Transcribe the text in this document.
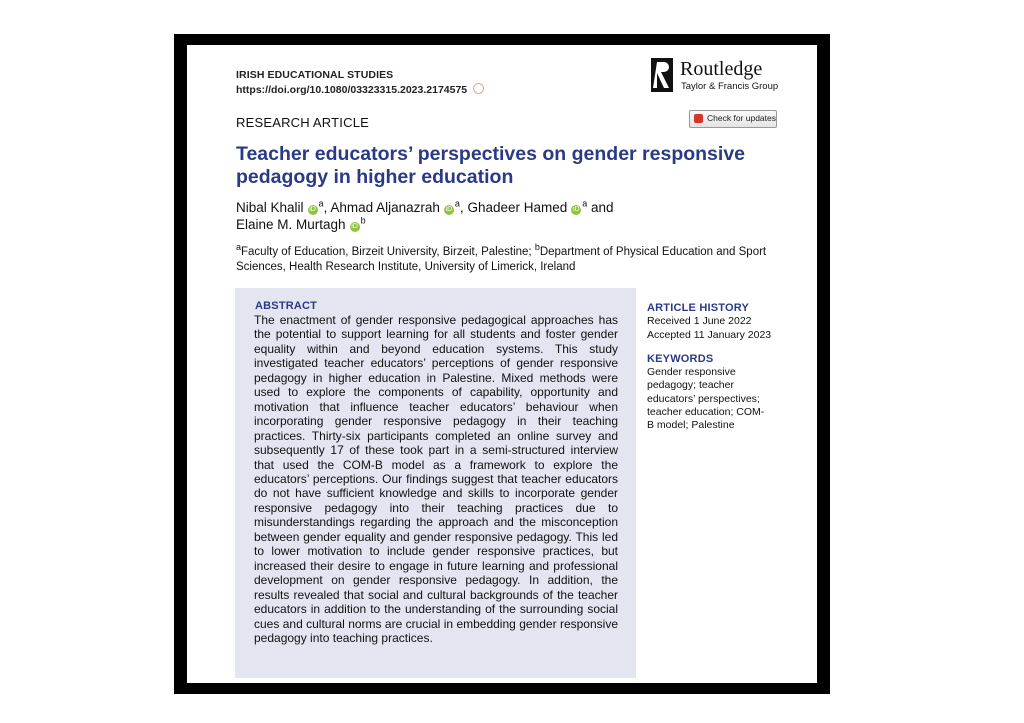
IRISH EDUCATIONAL STUDIES
https://doi.org/10.1080/03323315.2023.2174575
Routledge
Taylor & Francis Group
RESEARCH ARTICLE	Check for updates
Teacher educators’ perspectives on gender responsive pedagogy in higher education
Nibal Khalil $iD^a$, Ahmad Aljanazrah $iD^a$, Ghadeer Hamed $iD^a$ and
Elaine M. Murtagh $iD^b$
$^a$Faculty of Education, Birzeit University, Birzeit, Palestine; $^b$Department of Physical Education and Sport Sciences, Health Research Institute, University of Limerick, Ireland
ABSTRACT
The enactment of gender responsive pedagogical approaches has the potential to support learning for all students and foster gender equality within and beyond education systems. This study investigated teacher educators’ perceptions of gender responsive pedagogy in higher education in Palestine. Mixed methods were used to explore the components of capability, opportunity and motivation that influence teacher educators’ behaviour when incorporating gender responsive pedagogy in their teaching practices. Thirty-six participants completed an online survey and subsequently 17 of these took part in a semi-structured interview that used the COM-B model as a framework to explore the educators’ perceptions. Our findings suggest that teacher educators do not have sufficient knowledge and skills to incorporate gender responsive pedagogy into their teaching practices due to misunderstandings regarding the approach and the misconception between gender equality and gender responsive pedagogy. This led to lower motivation to include gender responsive practices, but increased their desire to engage in future learning and professional development on gender responsive pedagogy. In addition, the results revealed that social and cultural backgrounds of the teacher educators in addition to the understanding of the surrounding social cues and cultural norms are crucial in embedding gender responsive pedagogy into teaching practices.
ARTICLE HISTORY
Received 1 June 2022
Accepted 11 January 2023
KEYWORDS
Gender responsive pedagogy; teacher educators’ perspectives; teacher education; COM-B model; Palestine
